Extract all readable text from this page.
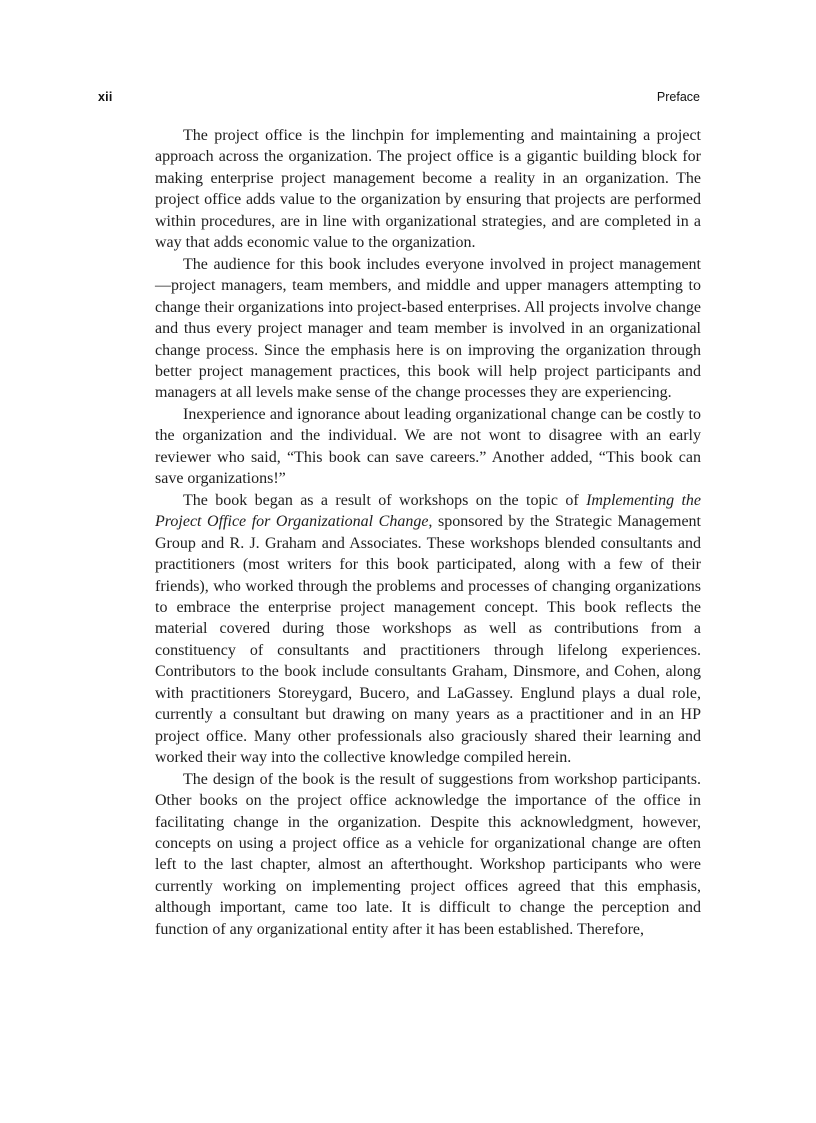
xii	Preface

The project office is the linchpin for implementing and maintaining a project approach across the organization. The project office is a gigantic building block for making enterprise project management become a reality in an organization. The project office adds value to the organization by ensuring that projects are performed within procedures, are in line with organizational strategies, and are completed in a way that adds economic value to the organization.

The audience for this book includes everyone involved in project management—project managers, team members, and middle and upper managers attempting to change their organizations into project-based enterprises. All projects involve change and thus every project manager and team member is involved in an organizational change process. Since the emphasis here is on improving the organization through better project management practices, this book will help project participants and managers at all levels make sense of the change processes they are experiencing.

Inexperience and ignorance about leading organizational change can be costly to the organization and the individual. We are not wont to disagree with an early reviewer who said, “This book can save careers.” Another added, “This book can save organizations!”

The book began as a result of workshops on the topic of Implementing the Project Office for Organizational Change, sponsored by the Strategic Management Group and R. J. Graham and Associates. These workshops blended consultants and practitioners (most writers for this book participated, along with a few of their friends), who worked through the problems and processes of changing organizations to embrace the enterprise project management concept. This book reflects the material covered during those workshops as well as contributions from a constituency of consultants and practitioners through lifelong experiences. Contributors to the book include consultants Graham, Dinsmore, and Cohen, along with practitioners Storeygard, Bucero, and LaGassey. Englund plays a dual role, currently a consultant but drawing on many years as a practitioner and in an HP project office. Many other professionals also graciously shared their learning and worked their way into the collective knowledge compiled herein.

The design of the book is the result of suggestions from workshop participants. Other books on the project office acknowledge the importance of the office in facilitating change in the organization. Despite this acknowledgment, however, concepts on using a project office as a vehicle for organizational change are often left to the last chapter, almost an afterthought. Workshop participants who were currently working on implementing project offices agreed that this emphasis, although important, came too late. It is difficult to change the perception and function of any organizational entity after it has been established. Therefore,
